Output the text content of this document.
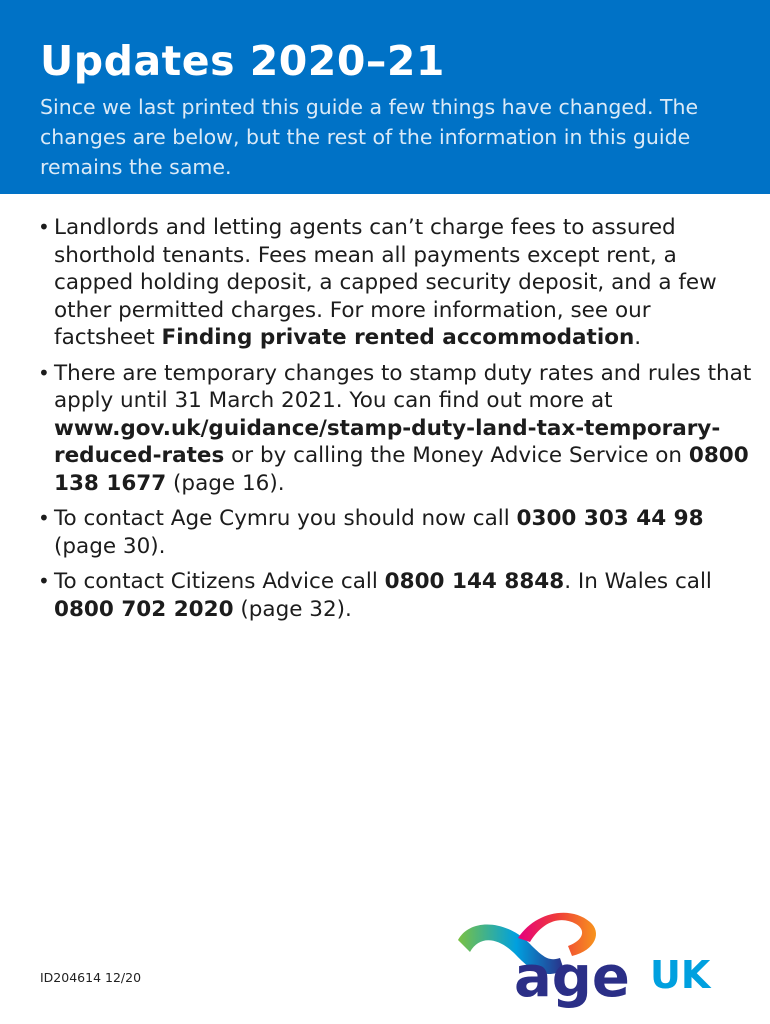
Updates 2020–21

Since we last printed this guide a few things have changed. The changes are below, but the rest of the information in this guide remains the same.

• Landlords and letting agents can’t charge fees to assured shorthold tenants. Fees mean all payments except rent, a capped holding deposit, a capped security deposit, and a few other permitted charges. For more information, see our factsheet Finding private rented accommodation.
• There are temporary changes to stamp duty rates and rules that apply until 31 March 2021. You can find out more at www.gov.uk/guidance/stamp-duty-land-tax-temporary-reduced-rates or by calling the Money Advice Service on 0800 138 1677 (page 16).
• To contact Age Cymru you should now call 0300 303 44 98 (page 30).
• To contact Citizens Advice call 0800 144 8848. In Wales call 0800 702 2020 (page 32).
ID204614 12/20	age UK
